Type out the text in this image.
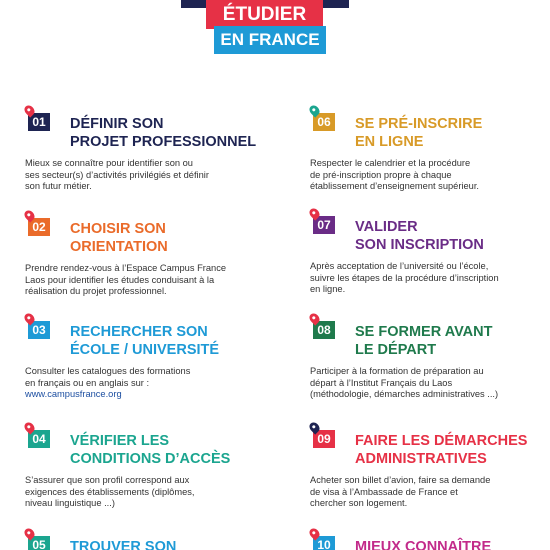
ÉTUDIER
EN FRANCE
01 DÉFINIR SON
PROJET PROFESSIONNEL
Mieux se connaître pour identifier son ou
ses secteur(s) d’activités privilégiés et définir
son futur métier.
02 CHOISIR SON
ORIENTATION
Prendre rendez-vous à l’Espace Campus France
Laos pour identifier les études conduisant à la
réalisation du projet professionnel.
03 RECHERCHER SON
ÉCOLE / UNIVERSITÉ
Consulter les catalogues des formations
en français ou en anglais sur :
www.campusfrance.org
04 VÉRIFIER LES
CONDITIONS D’ACCÈS
S’assurer que son profil correspond aux
exigences des établissements (diplômes,
niveau linguistique ...)
05 TROUVER SON
06 SE PRÉ-INSCRIRE
EN LIGNE
Respecter le calendrier et la procédure
de pré-inscription propre à chaque
établissement d’enseignement supérieur.
07 VALIDER
SON INSCRIPTION
Après acceptation de l’université ou l’école,
suivre les étapes de la procédure d’inscription
en ligne.
08 SE FORMER AVANT
LE DÉPART
Participer à la formation de préparation au
départ à l’Institut Français du Laos
(méthodologie, démarches administratives ...)
09 FAIRE LES DÉMARCHES
ADMINISTRATIVES
Acheter son billet d’avion, faire sa demande
de visa à l’Ambassade de France et
chercher son logement.
10 MIEUX CONNAÎTRE
